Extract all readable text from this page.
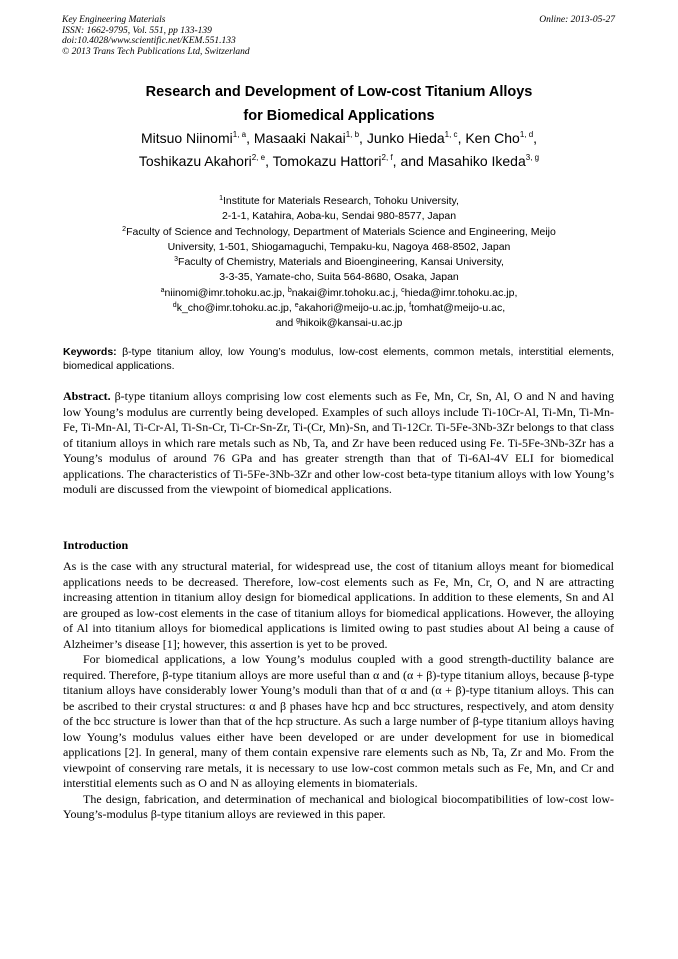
Key Engineering Materials
ISSN: 1662-9795, Vol. 551, pp 133-139
doi:10.4028/www.scientific.net/KEM.551.133
© 2013 Trans Tech Publications Ltd, Switzerland
Online: 2013-05-27
Research and Development of Low-cost Titanium Alloys
for Biomedical Applications
Mitsuo Niinomi$^{1, a}$, Masaaki Nakai$^{1, b}$, Junko Hieda$^{1, c}$, Ken Cho$^{1, d}$,
Toshikazu Akahori$^{2, e}$, Tomokazu Hattori$^{2, f}$, and Masahiko Ikeda$^{3, g}$
$^1$Institute for Materials Research, Tohoku University,
2-1-1, Katahira, Aoba-ku, Sendai 980-8577, Japan
$^2$Faculty of Science and Technology, Department of Materials Science and Engineering, Meijo
University, 1-501, Shiogamaguchi, Tempaku-ku, Nagoya 468-8502, Japan
$^3$Faculty of Chemistry, Materials and Bioengineering, Kansai University,
3-3-35, Yamate-cho, Suita 564-8680, Osaka, Japan
$^a$niinomi@imr.tohoku.ac.jp, $^b$nakai@imr.tohoku.ac.j, $^c$hieda@imr.tohoku.ac.jp,
$^d$k_cho@imr.tohoku.ac.jp, $^e$akahori@meijo-u.ac.jp, $^f$tomhat@meijo-u.ac,
and $^g$hikoik@kansai-u.ac.jp
Keywords: β-type titanium alloy, low Young’s modulus, low-cost elements, common metals, interstitial elements, biomedical applications.
Abstract. β-type titanium alloys comprising low cost elements such as Fe, Mn, Cr, Sn, Al, O and N and having low Young’s modulus are currently being developed. Examples of such alloys include Ti-10Cr-Al, Ti-Mn, Ti-Mn-Fe, Ti-Mn-Al, Ti-Cr-Al, Ti-Sn-Cr, Ti-Cr-Sn-Zr, Ti-(Cr, Mn)-Sn, and Ti-12Cr. Ti-5Fe-3Nb-3Zr belongs to that class of titanium alloys in which rare metals such as Nb, Ta, and Zr have been reduced using Fe. Ti-5Fe-3Nb-3Zr has a Young’s modulus of around 76 GPa and has greater strength than that of Ti-6Al-4V ELI for biomedical applications. The characteristics of Ti-5Fe-3Nb-3Zr and other low-cost beta-type titanium alloys with low Young’s moduli are discussed from the viewpoint of biomedical applications.
Introduction

As is the case with any structural material, for widespread use, the cost of titanium alloys meant for biomedical applications needs to be decreased. Therefore, low-cost elements such as Fe, Mn, Cr, O, and N are attracting increasing attention in titanium alloy design for biomedical applications. In addition to these elements, Sn and Al are grouped as low-cost elements in the case of titanium alloys for biomedical applications. However, the alloying of Al into titanium alloys for biomedical applications is limited owing to past studies about Al being a cause of Alzheimer’s disease [1]; however, this assertion is yet to be proved.

For biomedical applications, a low Young’s modulus coupled with a good strength-ductility balance are required. Therefore, β-type titanium alloys are more useful than α and (α + β)-type titanium alloys, because β-type titanium alloys have considerably lower Young’s moduli than that of α and (α + β)-type titanium alloys. This can be ascribed to their crystal structures: α and β phases have hcp and bcc structures, respectively, and atom density of the bcc structure is lower than that of the hcp structure. As such a large number of β-type titanium alloys having low Young’s modulus values either have been developed or are under development for use in biomedical applications [2]. In general, many of them contain expensive rare elements such as Nb, Ta, Zr and Mo. From the viewpoint of conserving rare metals, it is necessary to use low-cost common metals such as Fe, Mn, and Cr and interstitial elements such as O and N as alloying elements in biomaterials.

The design, fabrication, and determination of mechanical and biological biocompatibilities of low-cost low-Young’s-modulus β-type titanium alloys are reviewed in this paper.
